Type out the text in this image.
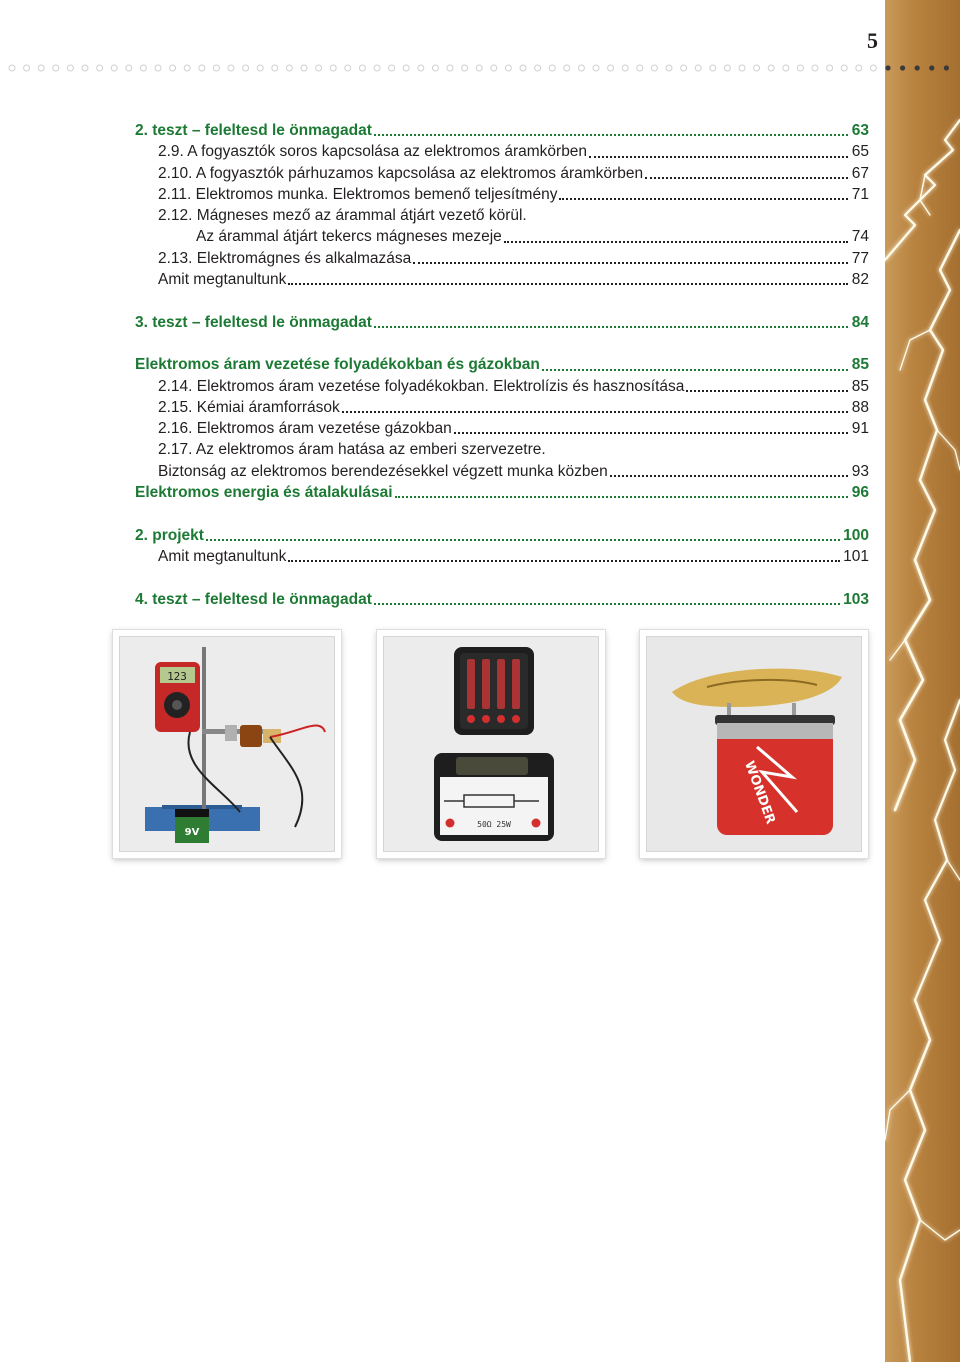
5
2. teszt – feleltesd le önmagadat	63
2.9. A fogyasztók soros kapcsolása az elektromos áramkörben	65
2.10. A fogyasztók párhuzamos kapcsolása az elektromos áramkörben	67
2.11. Elektromos munka. Elektromos bemenő teljesítmény	71
2.12. Mágneses mező az árammal átjárt vezető körül.
Az árammal átjárt tekercs mágneses mezeje	74
2.13. Elektromágnes és alkalmazása	77
Amit megtanultunk	82
3. teszt – feleltesd le önmagadat	84
Elektromos áram vezetése folyadékokban és gázokban	85
2.14. Elektromos áram vezetése folyadékokban. Elektrolízis és hasznosítása	85
2.15. Kémiai áramforrások	88
2.16. Elektromos áram vezetése gázokban	91
2.17. Az elektromos áram hatása az emberi szervezetre.
Biztonság az elektromos berendezésekkel végzett munka közben	93
Elektromos energia és átalakulásai	96
2. projekt	100
Amit megtanultunk	101
4. teszt – feleltesd le önmagadat	103
123
9V
50Ω 25W	WONDER
